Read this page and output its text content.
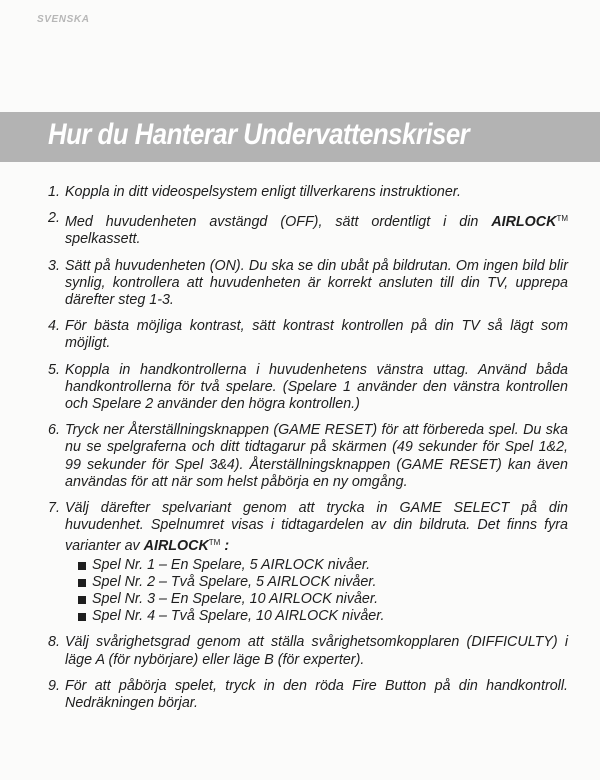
SVENSKA
Hur du Hanterar Undervattenskriser
1. Koppla in ditt videospelsystem enligt tillverkarens instruktioner.
2. Med huvudenheten avstängd (OFF), sätt ordentligt i din AIRLOCK™ spelkassett.
3. Sätt på huvudenheten (ON). Du ska se din ubåt på bildrutan. Om ingen bild blir synlig, kontrollera att huvudenheten är korrekt ansluten till din TV, upprepa därefter steg 1-3.
4. För bästa möjliga kontrast, sätt kontrast kontrollen på din TV så lägt som möjligt.
5. Koppla in handkontrollerna i huvudenhetens vänstra uttag. Använd båda handkontrollerna för två spelare. (Spelare 1 använder den vänstra kontrollen och Spelare 2 använder den högra kontrollen.)
6. Tryck ner Återställningsknappen (GAME RESET) för att förbereda spel. Du ska nu se spelgraferna och ditt tidtagarur på skärmen (49 sekunder för Spel 1&2, 99 sekunder för Spel 3&4). Återställningsknappen (GAME RESET) kan även användas för att när som helst påbörja en ny omgång.
7. Välj därefter spelvariant genom att trycka in GAME SELECT på din huvudenhet. Spelnumret visas i tidtagardelen av din bildruta. Det finns fyra varianter av AIRLOCK™ :
Spel Nr. 1 – En Spelare, 5 AIRLOCK nivåer.
Spel Nr. 2 – Två Spelare, 5 AIRLOCK nivåer.
Spel Nr. 3 – En Spelare, 10 AIRLOCK nivåer.
Spel Nr. 4 – Två Spelare, 10 AIRLOCK nivåer.
8. Välj svårighetsgrad genom att ställa svårighetsomkopplaren (DIFFICULTY) i läge A (för nybörjare) eller läge B (för experter).
9. För att påbörja spelet, tryck in den röda Fire Button på din handkontroll. Nedräkningen börjar.
